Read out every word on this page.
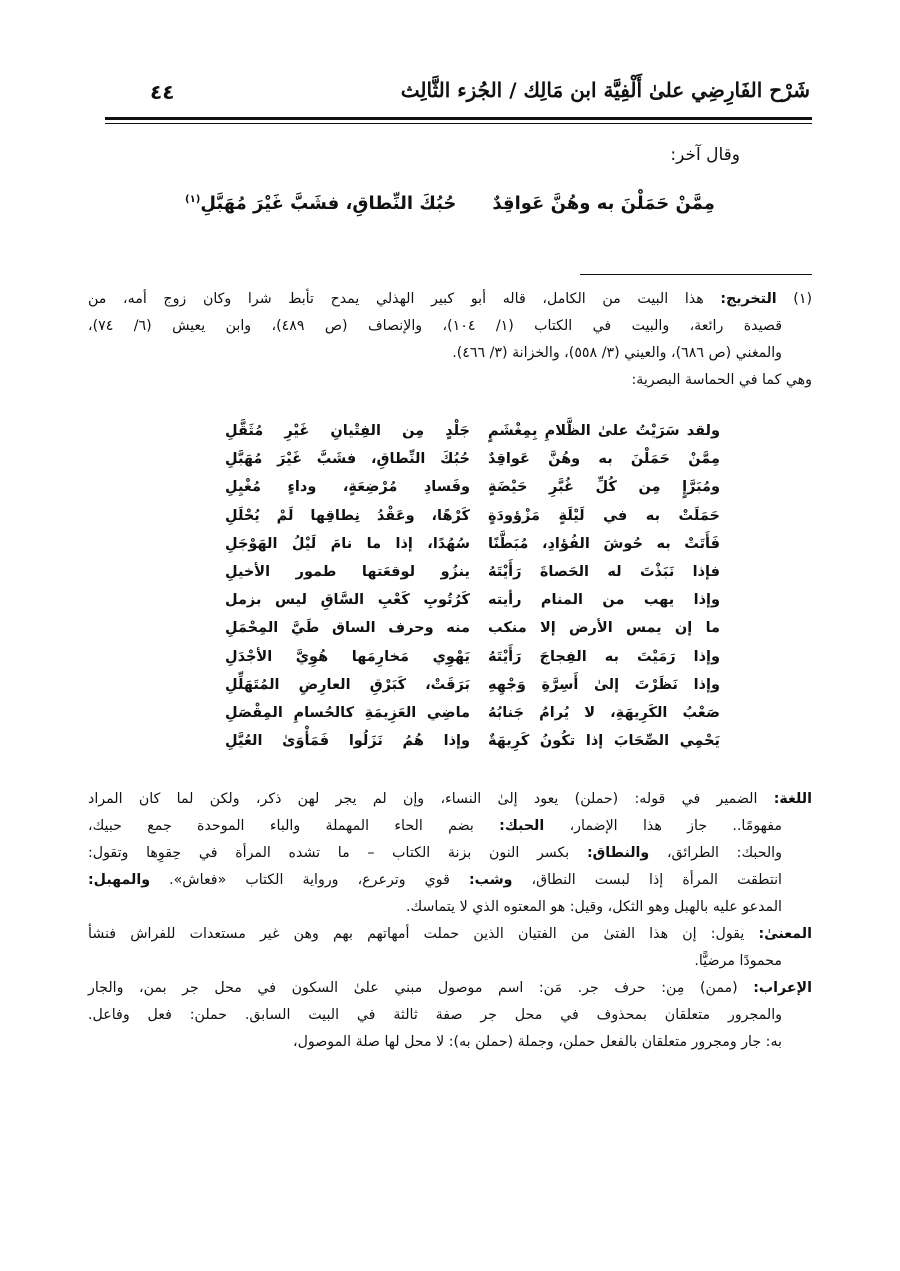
شَرْح الفَارِضِي علىٰ أَلْفِيَّة ابن مَالِك / الجُزء الثَّالِث
٤٤
وقال آخر:
مِمَّنْ حَمَلْنَ به وهُنَّ عَواقِدٌحُبُكَ النِّطاقِ، فشَبَّ غَيْرَ مُهَبَّلِ$^{(١)}$
(١) التخريج: هذا البيت من الكامل، قاله أبو كبير الهذلي يمدح تأبط شرا وكان زوج أمه، من
قصيدة رائعة، والبيت في الكتاب (١/ ١٠٤)، والإنصاف (ص ٤٨٩)، وابن يعيش (٦/ ٧٤)،
والمغني (ص ٦٨٦)، والعيني (٣/ ٥٥٨)، والخزانة (٣/ ٤٦٦).
وهي كما في الحماسة البصرية:
ولقد سَرَيْتُ علىٰ الظَّلامِ بِمِغْشَمٍ
جَلْدٍ مِن الفِتْيانِ غَيْرِ مُثَقَّلِ
مِمَّنْ حَمَلْنَ به وهُنَّ عَواقِدٌ
حُبُكَ النِّطاقِ، فشَبَّ غَيْرَ مُهَبَّلِ
ومُبَرَّإٍ مِن كُلِّ غُبَّرِ حَيْضَةٍ
وفَسادِ مُرْضِعَةٍ، وداءٍ مُغْيِلِ
حَمَلَتْ به في لَيْلَةٍ مَزْؤودَةٍ
كَرْهًا، وعَقْدُ نِطاقِها لَمْ يُحْلَلِ
فَأَتَتْ به حُوشَ الفُؤادِ، مُبَطَّنًا
سُهُدًا، إذا ما نامَ لَيْلُ الهَوْجَلِ
فإذا نَبَذْتَ له الحَصاةَ رَأَيْتَهُ
ينزُو لوقعَتها طمور الأخيلِ
وإذا يهب من المنام رأيته
كَرُتُوبِ كَعْبِ السَّاقِ ليس بزمل
ما إن يمس الأرض إلا منكب
منه وحرف الساق طَيَّ المِحْمَلِ
وإذا رَمَيْتَ به الفِجاجَ رَأَيْتَهُ
يَهْوِي مَخارِمَها هُوِيَّ الأجْدَلِ
وإذا نَظَرْتَ إلىٰ أَسِرَّةِ وَجْهِهِ
بَرَقَتْ، كَبَرْقِ العارِضِ المُتَهَلِّلِ
صَعْبُ الكَرِيهَةِ، لا يُرامُ جَنابُهُ
ماضِي العَزِيمَةِ كالحُسامِ المِقْصَلِ
يَحْمِي الصِّحَابَ إذا تكُونُ كَرِيهَةٌ
وإذا هُمُ نَزَلُوا فَمَأْوَىٰ العُيَّلِ
اللغة: الضمير في قوله: (حملن) يعود إلىٰ النساء، وإن لم يجر لهن ذكر، ولكن لما كان المراد
مفهومًا.. جاز هذا الإضمار، الحبك: بضم الحاء المهملة والباء الموحدة جمع حبيك،
والحبك: الطرائق، والنطاق: بكسر النون بزنة الكتاب – ما تشده المرأة في حِقوِها وتقول:
انتطقت المرأة إذا لبست النطاق، وشب: قوي وترعرع، ورواية الكتاب «فعاش». والمهبل:
المدعو عليه بالهبل وهو الثكل، وقيل: هو المعتوه الذي لا يتماسك.
المعنىٰ: يقول: إن هذا الفتىٰ من الفتيان الذين حملت أمهاتهم بهم وهن غير مستعدات للفراش فنشأ
محمودًا مرضيًّا.
الإعراب: (ممن) مِن: حرف جر. مَن: اسم موصول مبني علىٰ السكون في محل جر بمن، والجار
والمجرور متعلقان بمحذوف في محل جر صفة ثالثة في البيت السابق. حملن: فعل وفاعل.
به: جار ومجرور متعلقان بالفعل حملن، وجملة (حملن به): لا محل لها صلة الموصول،
